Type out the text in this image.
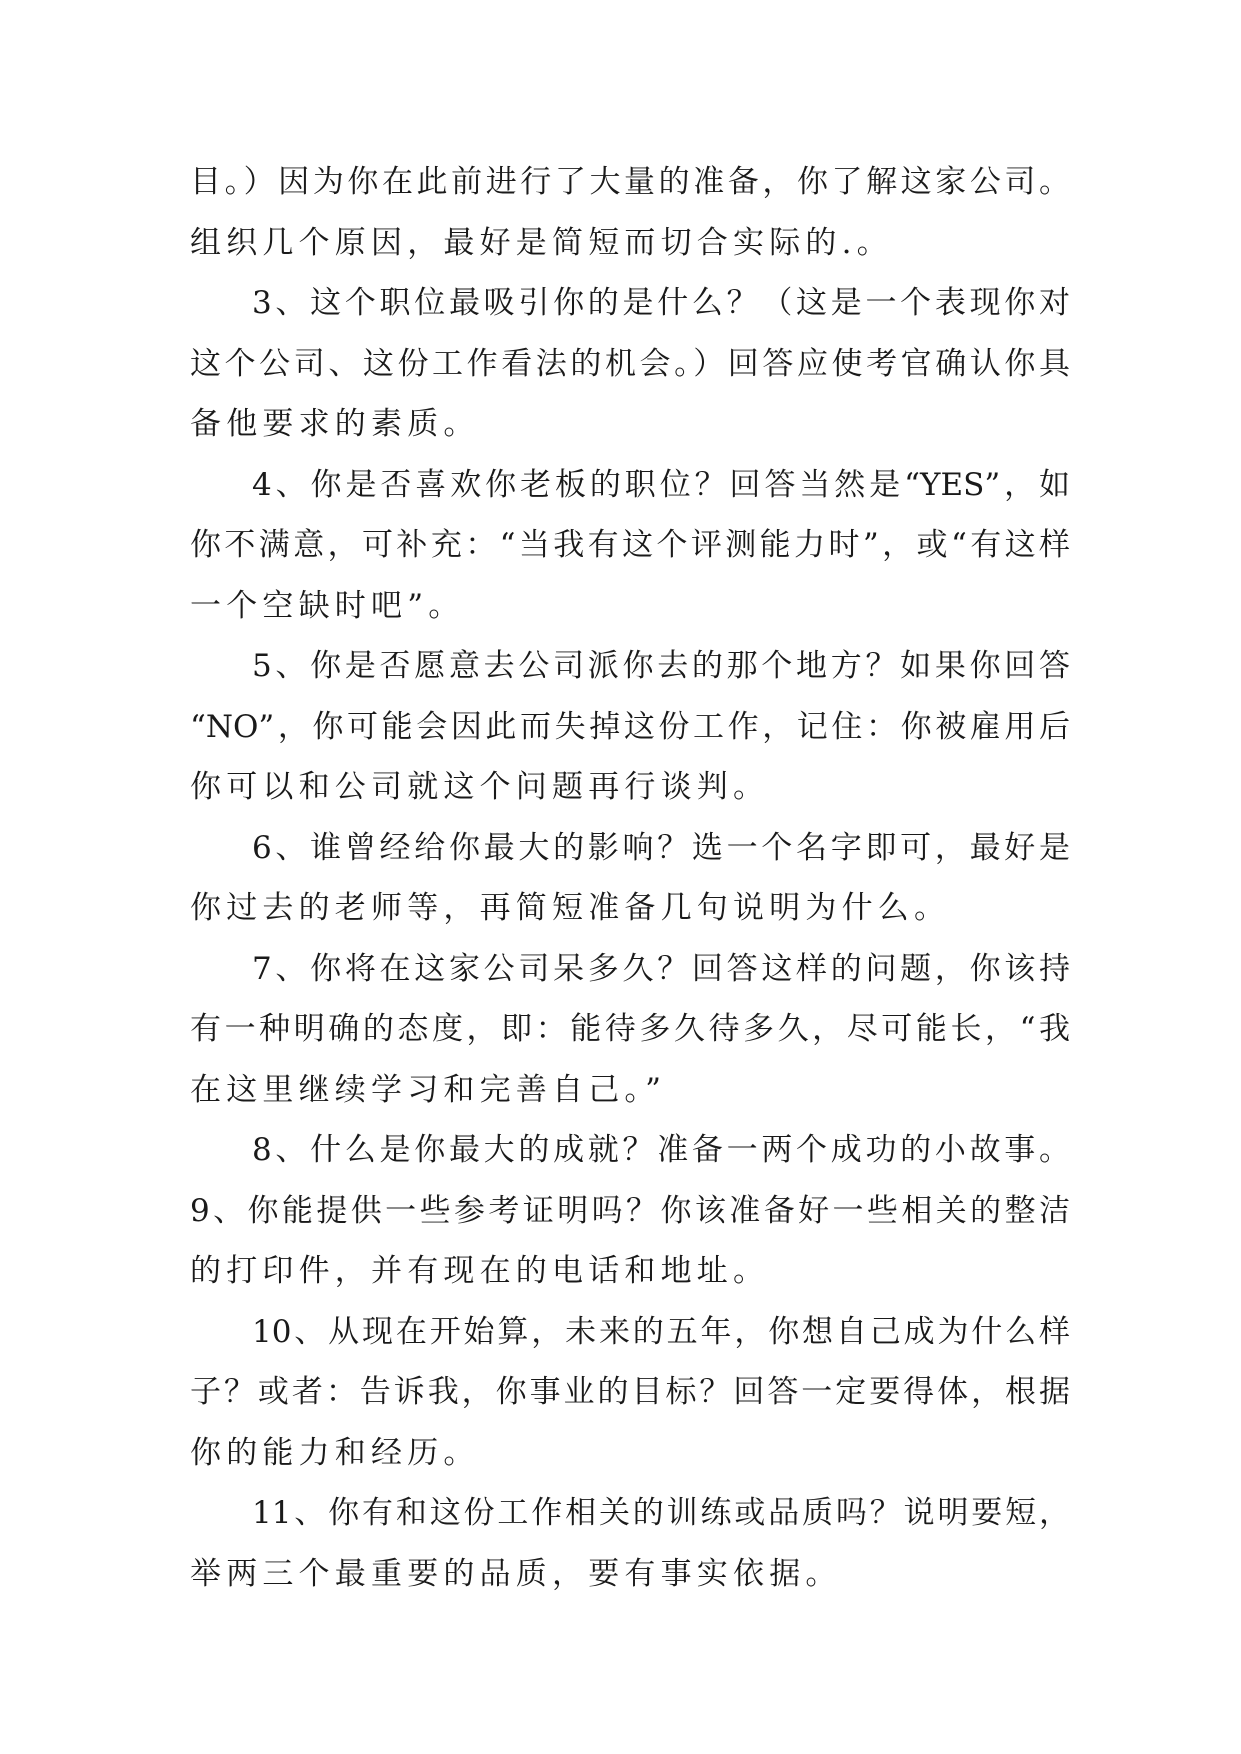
目。）因为你在此前进行了大量的准备，你了解这家公司。
组织几个原因，最好是简短而切合实际的.。
3、这个职位最吸引你的是什么？（这是一个表现你对
这个公司、这份工作看法的机会。）回答应使考官确认你具
备他要求的素质。
4、你是否喜欢你老板的职位？回答当然是“YES”，如
你不满意，可补充：“当我有这个评测能力时”，或“有这样
一个空缺时吧”。
5、你是否愿意去公司派你去的那个地方？如果你回答
“NO”，你可能会因此而失掉这份工作，记住：你被雇用后
你可以和公司就这个问题再行谈判。
6、谁曾经给你最大的影响？选一个名字即可，最好是
你过去的老师等，再简短准备几句说明为什么。
7、你将在这家公司呆多久？回答这样的问题，你该持
有一种明确的态度，即：能待多久待多久，尽可能长，“我
在这里继续学习和完善自己。”
8、什么是你最大的成就？准备一两个成功的小故事。
9、你能提供一些参考证明吗？你该准备好一些相关的整洁
的打印件，并有现在的电话和地址。
10、从现在开始算，未来的五年，你想自己成为什么样
子？或者：告诉我，你事业的目标？回答一定要得体，根据
你的能力和经历。
11、你有和这份工作相关的训练或品质吗？说明要短，
举两三个最重要的品质，要有事实依据。
